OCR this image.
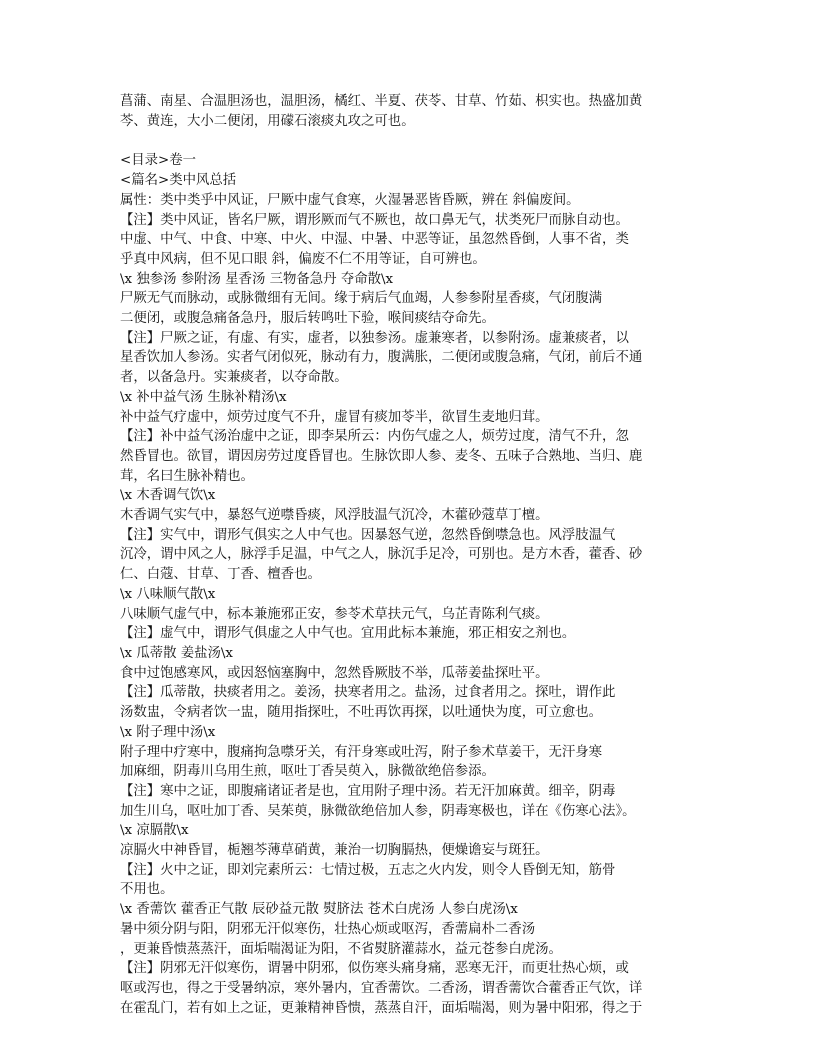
菖蒲、南星、合温胆汤也，温胆汤，橘红、半夏、茯苓、甘草、竹茹、枳实也。热盛加黄
芩、黄连，大小二便闭，用礞石滚痰丸攻之可也。
<目录>卷一
<篇名>类中风总括
属性：类中类乎中风证，尸厥中虚气食寒，火湿暑恶皆昏厥，辨在 斜偏废间。
【注】类中风证，皆名尸厥，谓形厥而气不厥也，故口鼻无气，状类死尸而脉自动也。
中虚、中气、中食、中寒、中火、中湿、中暑、中恶等证，虽忽然昏倒，人事不省，类
乎真中风病，但不见口眼 斜，偏废不仁不用等证，自可辨也。
\x 独参汤 参附汤 星香汤 三物备急丹 夺命散\x
尸厥无气而脉动，或脉微细有无间。缘于病后气血竭，人参参附星香痰，气闭腹满
二便闭，或腹急痛备急丹，服后转鸣吐下验，喉间痰结夺命先。
【注】尸厥之证，有虚、有实，虚者，以独参汤。虚兼寒者，以参附汤。虚兼痰者，以
星香饮加人参汤。实者气闭似死，脉动有力，腹满胀，二便闭或腹急痛，气闭，前后不通
者，以备急丹。实兼痰者，以夺命散。
\x 补中益气汤 生脉补精汤\x
补中益气疗虚中，烦劳过度气不升，虚冒有痰加苓半，欲冒生麦地归茸。
【注】补中益气汤治虚中之证，即李杲所云：内伤气虚之人，烦劳过度，清气不升，忽
然昏冒也。欲冒，谓因房劳过度昏冒也。生脉饮即人参、麦冬、五味子合熟地、当归、鹿
茸，名曰生脉补精也。
\x 木香调气饮\x
木香调气实气中，暴怒气逆噤昏痰，风浮肢温气沉冷，木藿砂蔻草丁檀。
【注】实气中，谓形气俱实之人中气也。因暴怒气逆，忽然昏倒噤急也。风浮肢温气
沉冷，谓中风之人，脉浮手足温，中气之人，脉沉手足冷，可别也。是方木香，藿香、砂
仁、白蔻、甘草、丁香、檀香也。
\x 八味顺气散\x
八味顺气虚气中，标本兼施邪正安，参苓术草扶元气，乌芷青陈利气痰。
【注】虚气中，谓形气俱虚之人中气也。宜用此标本兼施，邪正相安之剂也。
\x 瓜蒂散 姜盐汤\x
食中过饱感寒风，或因怒恼塞胸中，忽然昏厥肢不举，瓜蒂姜盐探吐平。
【注】瓜蒂散，抉痰者用之。姜汤，抉寒者用之。盐汤，过食者用之。探吐，谓作此
汤数盅，令病者饮一盅，随用指探吐，不吐再饮再探，以吐通快为度，可立愈也。
\x 附子理中汤\x
附子理中疗寒中，腹痛拘急噤牙关，有汗身寒或吐泻，附子参术草姜干，无汗身寒
加麻细，阴毒川乌用生煎，呕吐丁香吴萸入，脉微欲绝倍参添。
【注】寒中之证，即腹痛诸证者是也，宜用附子理中汤。若无汗加麻黄。细辛，阴毒
加生川乌，呕吐加丁香、吴茱萸，脉微欲绝倍加人参，阴毒寒极也，详在《伤寒心法》。
\x 凉膈散\x
凉膈火中神昏冒，栀翘芩薄草硝黄，兼治一切胸膈热，便燥谵妄与斑狂。
【注】火中之证，即刘完素所云：七情过极，五志之火内发，则令人昏倒无知，筋骨
不用也。
\x 香薷饮 藿香正气散 辰砂益元散 熨脐法 苍术白虎汤 人参白虎汤\x
暑中须分阴与阳，阴邪无汗似寒伤，壮热心烦或呕泻，香薷扁朴二香汤
，更兼昏愦蒸蒸汗，面垢喘渴证为阳，不省熨脐灌蒜水，益元苍参白虎汤。
【注】阴邪无汗似寒伤，谓暑中阴邪，似伤寒头痛身痛，恶寒无汗，而更壮热心烦，或
呕或泻也，得之于受暑纳凉，寒外暑内，宜香薷饮。二香汤，谓香薷饮合藿香正气饮，详
在霍乱门，若有如上之证，更兼精神昏愦，蒸蒸自汗，面垢喘渴，则为暑中阳邪，得之于
